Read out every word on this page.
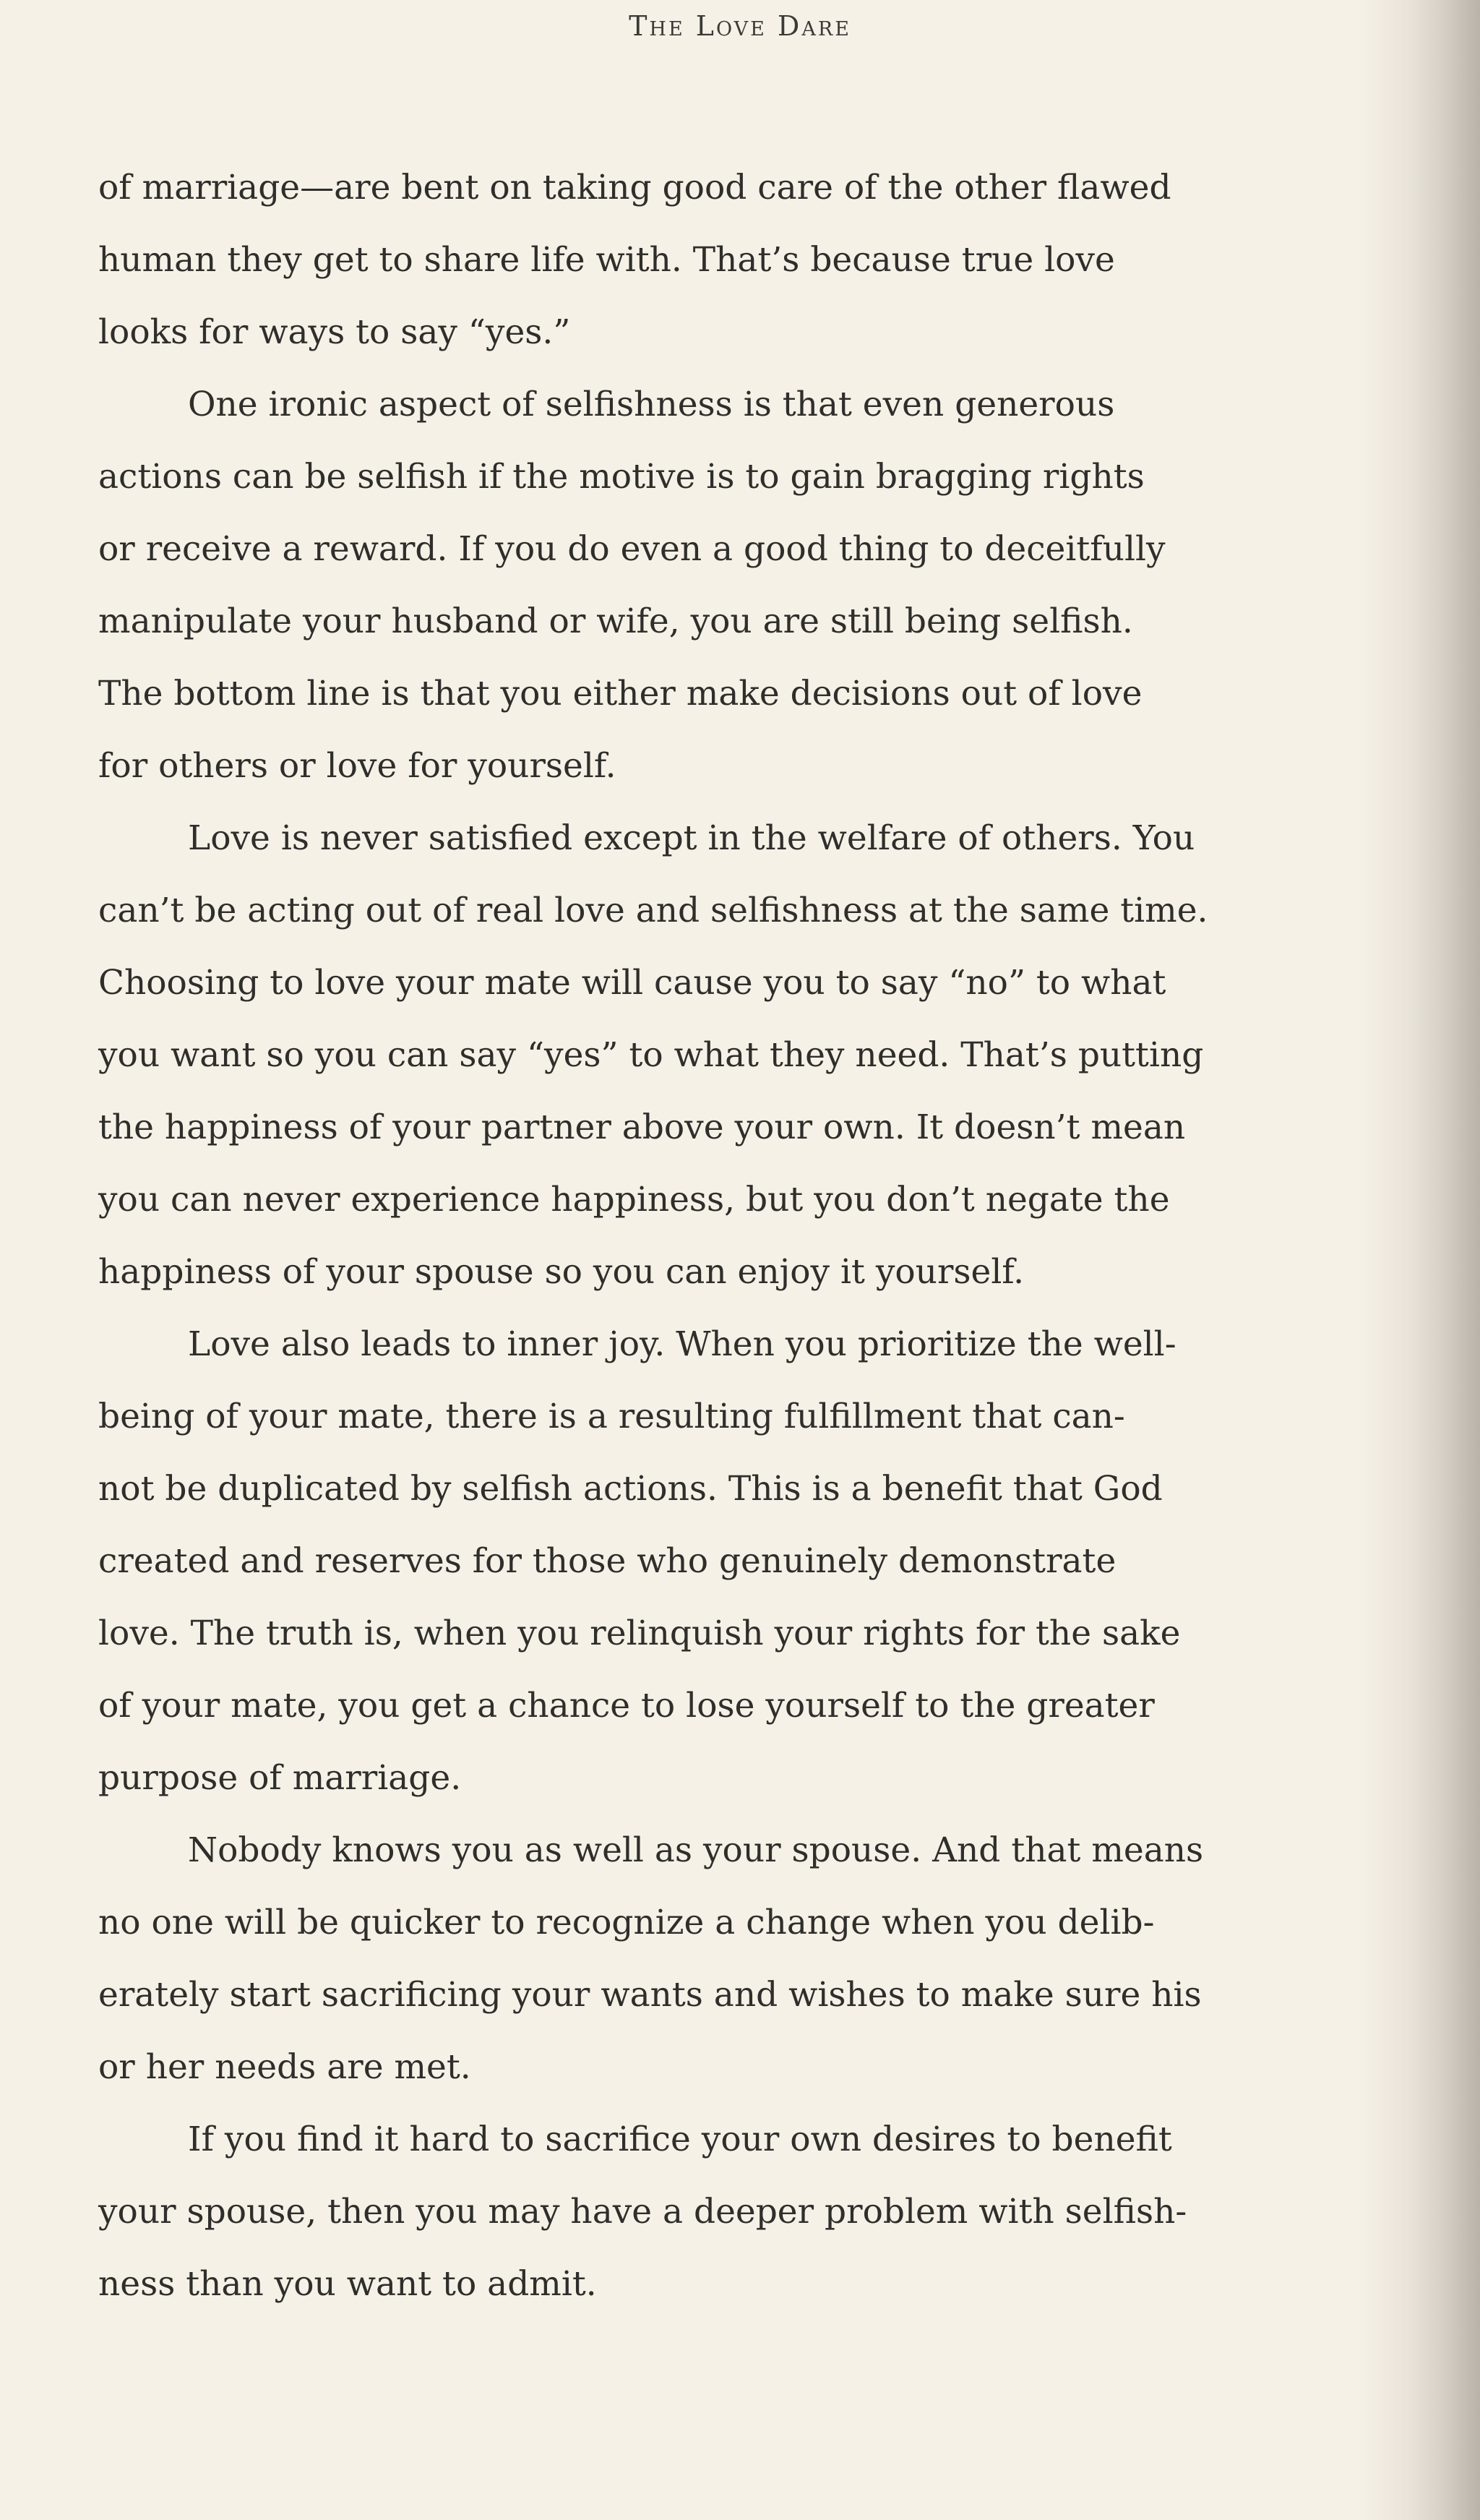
The Love Dare

of marriage—are bent on taking good care of the other flawed
human they get to share life with. That’s because true love
looks for ways to say “yes.”

One ironic aspect of selfishness is that even generous
actions can be selfish if the motive is to gain bragging rights
or receive a reward. If you do even a good thing to deceitfully
manipulate your husband or wife, you are still being selfish.
The bottom line is that you either make decisions out of love
for others or love for yourself.

Love is never satisfied except in the welfare of others. You
can’t be acting out of real love and selfishness at the same time.
Choosing to love your mate will cause you to say “no” to what
you want so you can say “yes” to what they need. That’s putting
the happiness of your partner above your own. It doesn’t mean
you can never experience happiness, but you don’t negate the
happiness of your spouse so you can enjoy it yourself.

Love also leads to inner joy. When you prioritize the well-
being of your mate, there is a resulting fulfillment that can-
not be duplicated by selfish actions. This is a benefit that God
created and reserves for those who genuinely demonstrate
love. The truth is, when you relinquish your rights for the sake
of your mate, you get a chance to lose yourself to the greater
purpose of marriage.

Nobody knows you as well as your spouse. And that means
no one will be quicker to recognize a change when you delib-
erately start sacrificing your wants and wishes to make sure his
or her needs are met.

If you find it hard to sacrifice your own desires to benefit
your spouse, then you may have a deeper problem with selfish-
ness than you want to admit.
